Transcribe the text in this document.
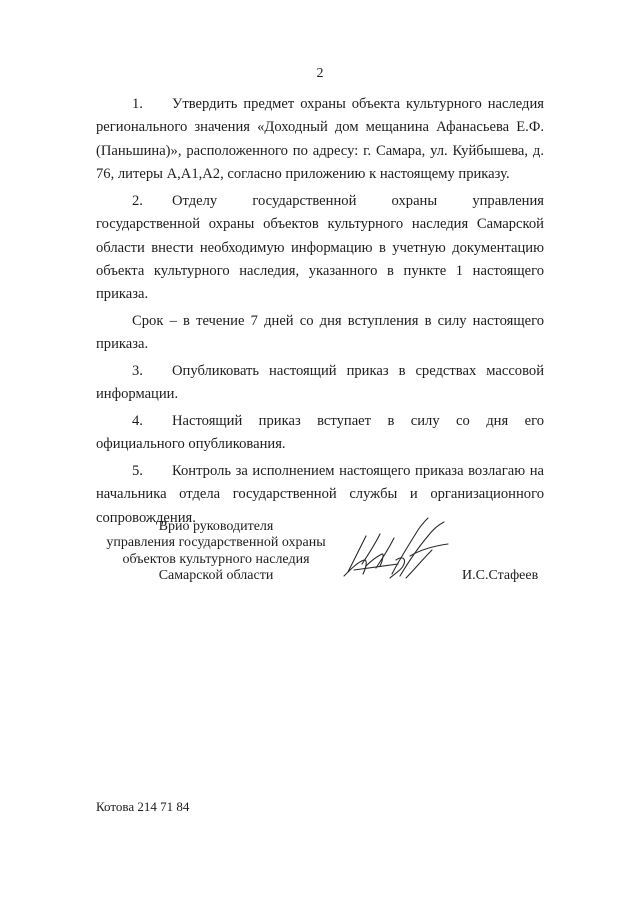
2

1. Утвердить предмет охраны объекта культурного наследия регионального значения «Доходный дом мещанина Афанасьева Е.Ф. (Паньшина)», расположенного по адресу: г. Самара, ул. Куйбышева, д. 76, литеры А,А1,А2, согласно приложению к настоящему приказу.

2. Отделу государственной охраны управления государственной охраны объектов культурного наследия Самарской области внести необходимую информацию в учетную документацию объекта культурного наследия, указанного в пункте 1 настоящего приказа.

Срок – в течение 7 дней со дня вступления в силу настоящего приказа.

3. Опубликовать настоящий приказ в средствах массовой информации.

4. Настоящий приказ вступает в силу со дня его официального опубликования.

5. Контроль за исполнением настоящего приказа возлагаю на начальника отдела государственной службы и организационного сопровождения.

Врио руководителя
управления государственной охраны
объектов культурного наследия
Самарской области	И.С.Стафеев
Котова 214 71 84
